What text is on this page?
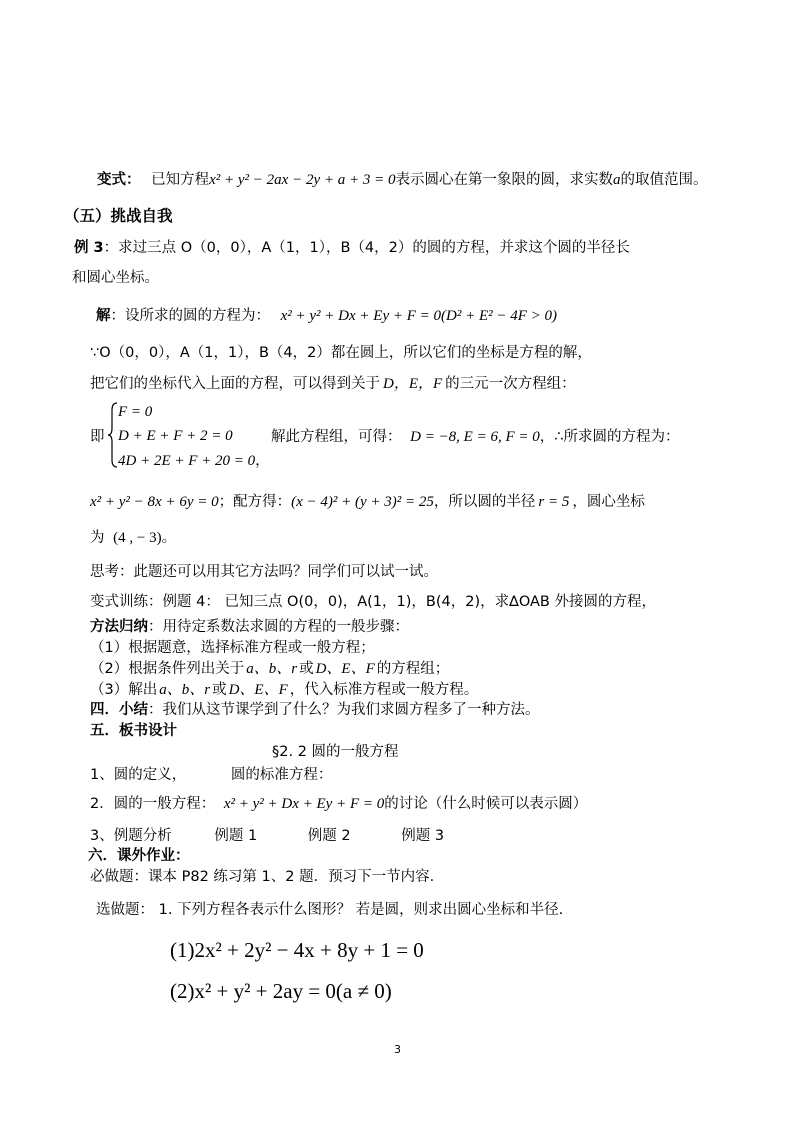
变式： 已知方程x² + y² − 2ax − 2y + a + 3 = 0表示圆心在第一象限的圆，求实数a的取值范围。
（五）挑战自我
例 3：求过三点 O（0，0），A（1，1），B（4，2）的圆的方程，并求这个圆的半径长
和圆心坐标。
解：设所求的圆的方程为： x² + y² + Dx + Ey + F = 0(D² + E² − 4F > 0)
∵O（0，0），A（1，1），B（4，2）都在圆上，所以它们的坐标是方程的解，
把它们的坐标代入上面的方程，可以得到关于 D，E，F 的三元一次方程组：
即
F = 0
D + E + F + 2 = 0
4D + 2E + F + 20 = 0，
解此方程组，可得： D = −8, E = 6, F = 0，∴所求圆的方程为：
x² + y² − 8x + 6y = 0；配方得：(x − 4)² + (y + 3)² = 25，所以圆的半径 r = 5 ，圆心坐标
为 (4 , − 3)。
思考：此题还可以用其它方法吗？同学们可以试一试。
变式训练：例题 4： 已知三点 O(0，0)，A(1，1)，B(4，2)，求∆OAB 外接圆的方程，
方法归纳：用待定系数法求圆的方程的一般步骤：
（1）根据题意，选择标准方程或一般方程；
（2）根据条件列出关于 a、b、r 或 D、E、F 的方程组；
（3）解出 a、b、r 或 D、E、F ，代入标准方程或一般方程。
四．小结：我们从这节课学到了什么？为我们求圆方程多了一种方法。
五．板书设计
§2. 2 圆的一般方程
1、圆的定义，	圆的标准方程：
2．圆的一般方程： x² + y² + Dx + Ey + F = 0的讨论（什么时候可以表示圆）
3、例题分析	例题 1	例题 2	例题 3
六．课外作业：
必做题：课本 P82 练习第 1、2 题．预习下一节内容．
选做题： 1. 下列方程各表示什么图形？ 若是圆，则求出圆心坐标和半径.
(1)2x² + 2y² − 4x + 8y + 1 = 0
(2)x² + y² + 2ay = 0(a ≠ 0)
3
